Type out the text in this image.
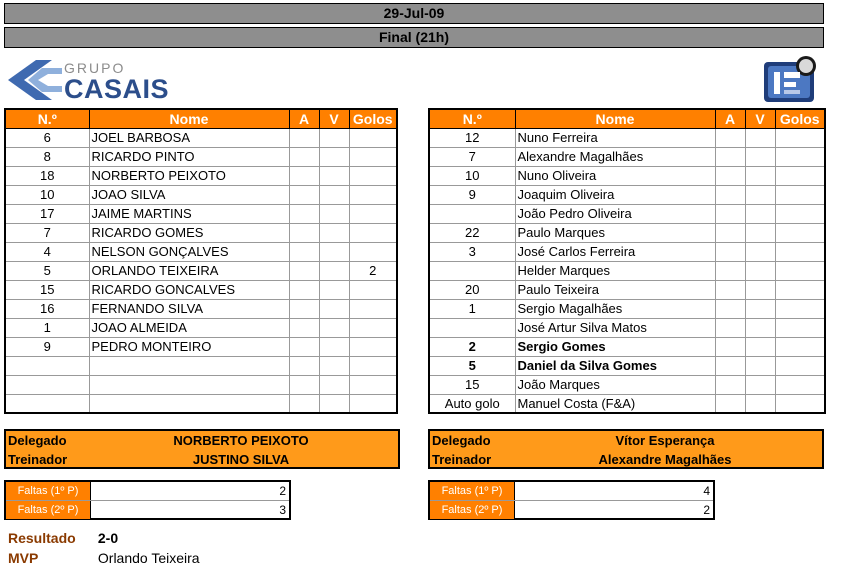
29-Jul-09
Final (21h)
GRUPO
CASAIS
N.º	Nome	A	V	Golos
6	JOEL BARBOSA			
8	RICARDO PINTO			
18	NORBERTO PEIXOTO			
10	JOAO SILVA			
17	JAIME MARTINS			
7	RICARDO GOMES			
4	NELSON GONÇALVES			
5	ORLANDO TEIXEIRA			2
15	RICARDO GONCALVES			
16	FERNANDO SILVA			
1	JOAO ALMEIDA			
9	PEDRO MONTEIRO			

N.º	Nome	A	V	Golos
12	Nuno Ferreira			
7	Alexandre Magalhães			
10	Nuno Oliveira			
9	Joaquim Oliveira			
	João Pedro Oliveira			
22	Paulo Marques			
3	José Carlos Ferreira			
	Helder Marques			
20	Paulo Teixeira			
1	Sergio Magalhães			
	José Artur Silva Matos			
2	Sergio Gomes			
5	Daniel da Silva Gomes			
15	João Marques			
Auto golo	Manuel Costa (F&A)			
Delegado	NORBERTO PEIXOTO
Treinador	JUSTINO SILVA
Delegado	Vítor Esperança
Treinador	Alexandre Magalhães
Faltas (1º P)	2
Faltas (2º P)	3
Faltas (1º P)	4
Faltas (2º P)	2
Resultado 2-0
MVP	Orlando Teixeira
